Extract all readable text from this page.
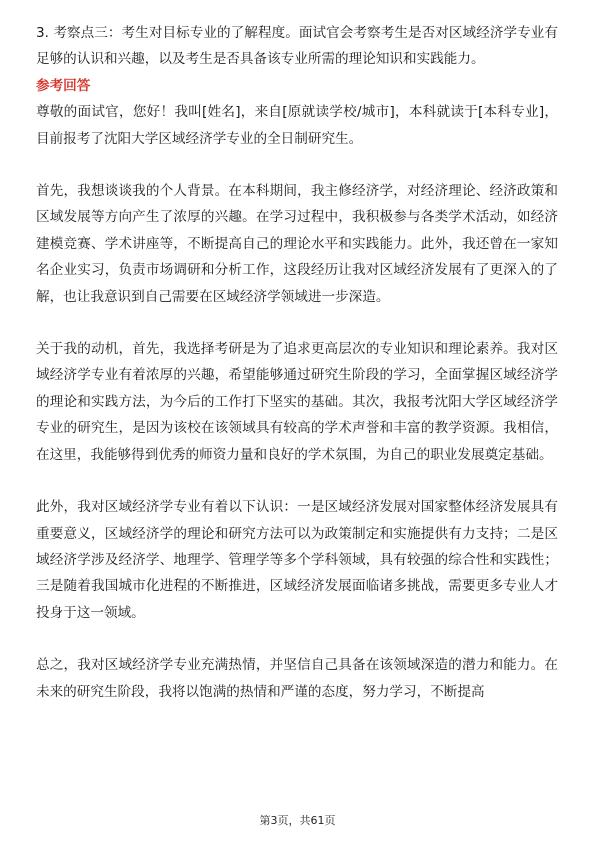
3. 考察点三：考生对目标专业的了解程度。面试官会考察考生是否对区域经济学专业有足够的认识和兴趣，以及考生是否具备该专业所需的理论知识和实践能力。

参考回答

尊敬的面试官，您好！我叫[姓名]，来自[原就读学校/城市]，本科就读于[本科专业]，目前报考了沈阳大学区域经济学专业的全日制研究生。

首先，我想谈谈我的个人背景。在本科期间，我主修经济学，对经济理论、经济政策和区域发展等方向产生了浓厚的兴趣。在学习过程中，我积极参与各类学术活动，如经济建模竞赛、学术讲座等，不断提高自己的理论水平和实践能力。此外，我还曾在一家知名企业实习，负责市场调研和分析工作，这段经历让我对区域经济发展有了更深入的了解，也让我意识到自己需要在区域经济学领域进一步深造。

关于我的动机，首先，我选择考研是为了追求更高层次的专业知识和理论素养。我对区域经济学专业有着浓厚的兴趣，希望能够通过研究生阶段的学习，全面掌握区域经济学的理论和实践方法，为今后的工作打下坚实的基础。其次，我报考沈阳大学区域经济学专业的研究生，是因为该校在该领域具有较高的学术声誉和丰富的教学资源。我相信，在这里，我能够得到优秀的师资力量和良好的学术氛围，为自己的职业发展奠定基础。

此外，我对区域经济学专业有着以下认识：一是区域经济发展对国家整体经济发展具有重要意义，区域经济学的理论和研究方法可以为政策制定和实施提供有力支持；二是区域经济学涉及经济学、地理学、管理学等多个学科领域，具有较强的综合性和实践性；三是随着我国城市化进程的不断推进，区域经济发展面临诸多挑战，需要更多专业人才投身于这一领域。

总之，我对区域经济学专业充满热情，并坚信自己具备在该领域深造的潜力和能力。在未来的研究生阶段，我将以饱满的热情和严谨的态度，努力学习，不断提高

第3页，共61页
